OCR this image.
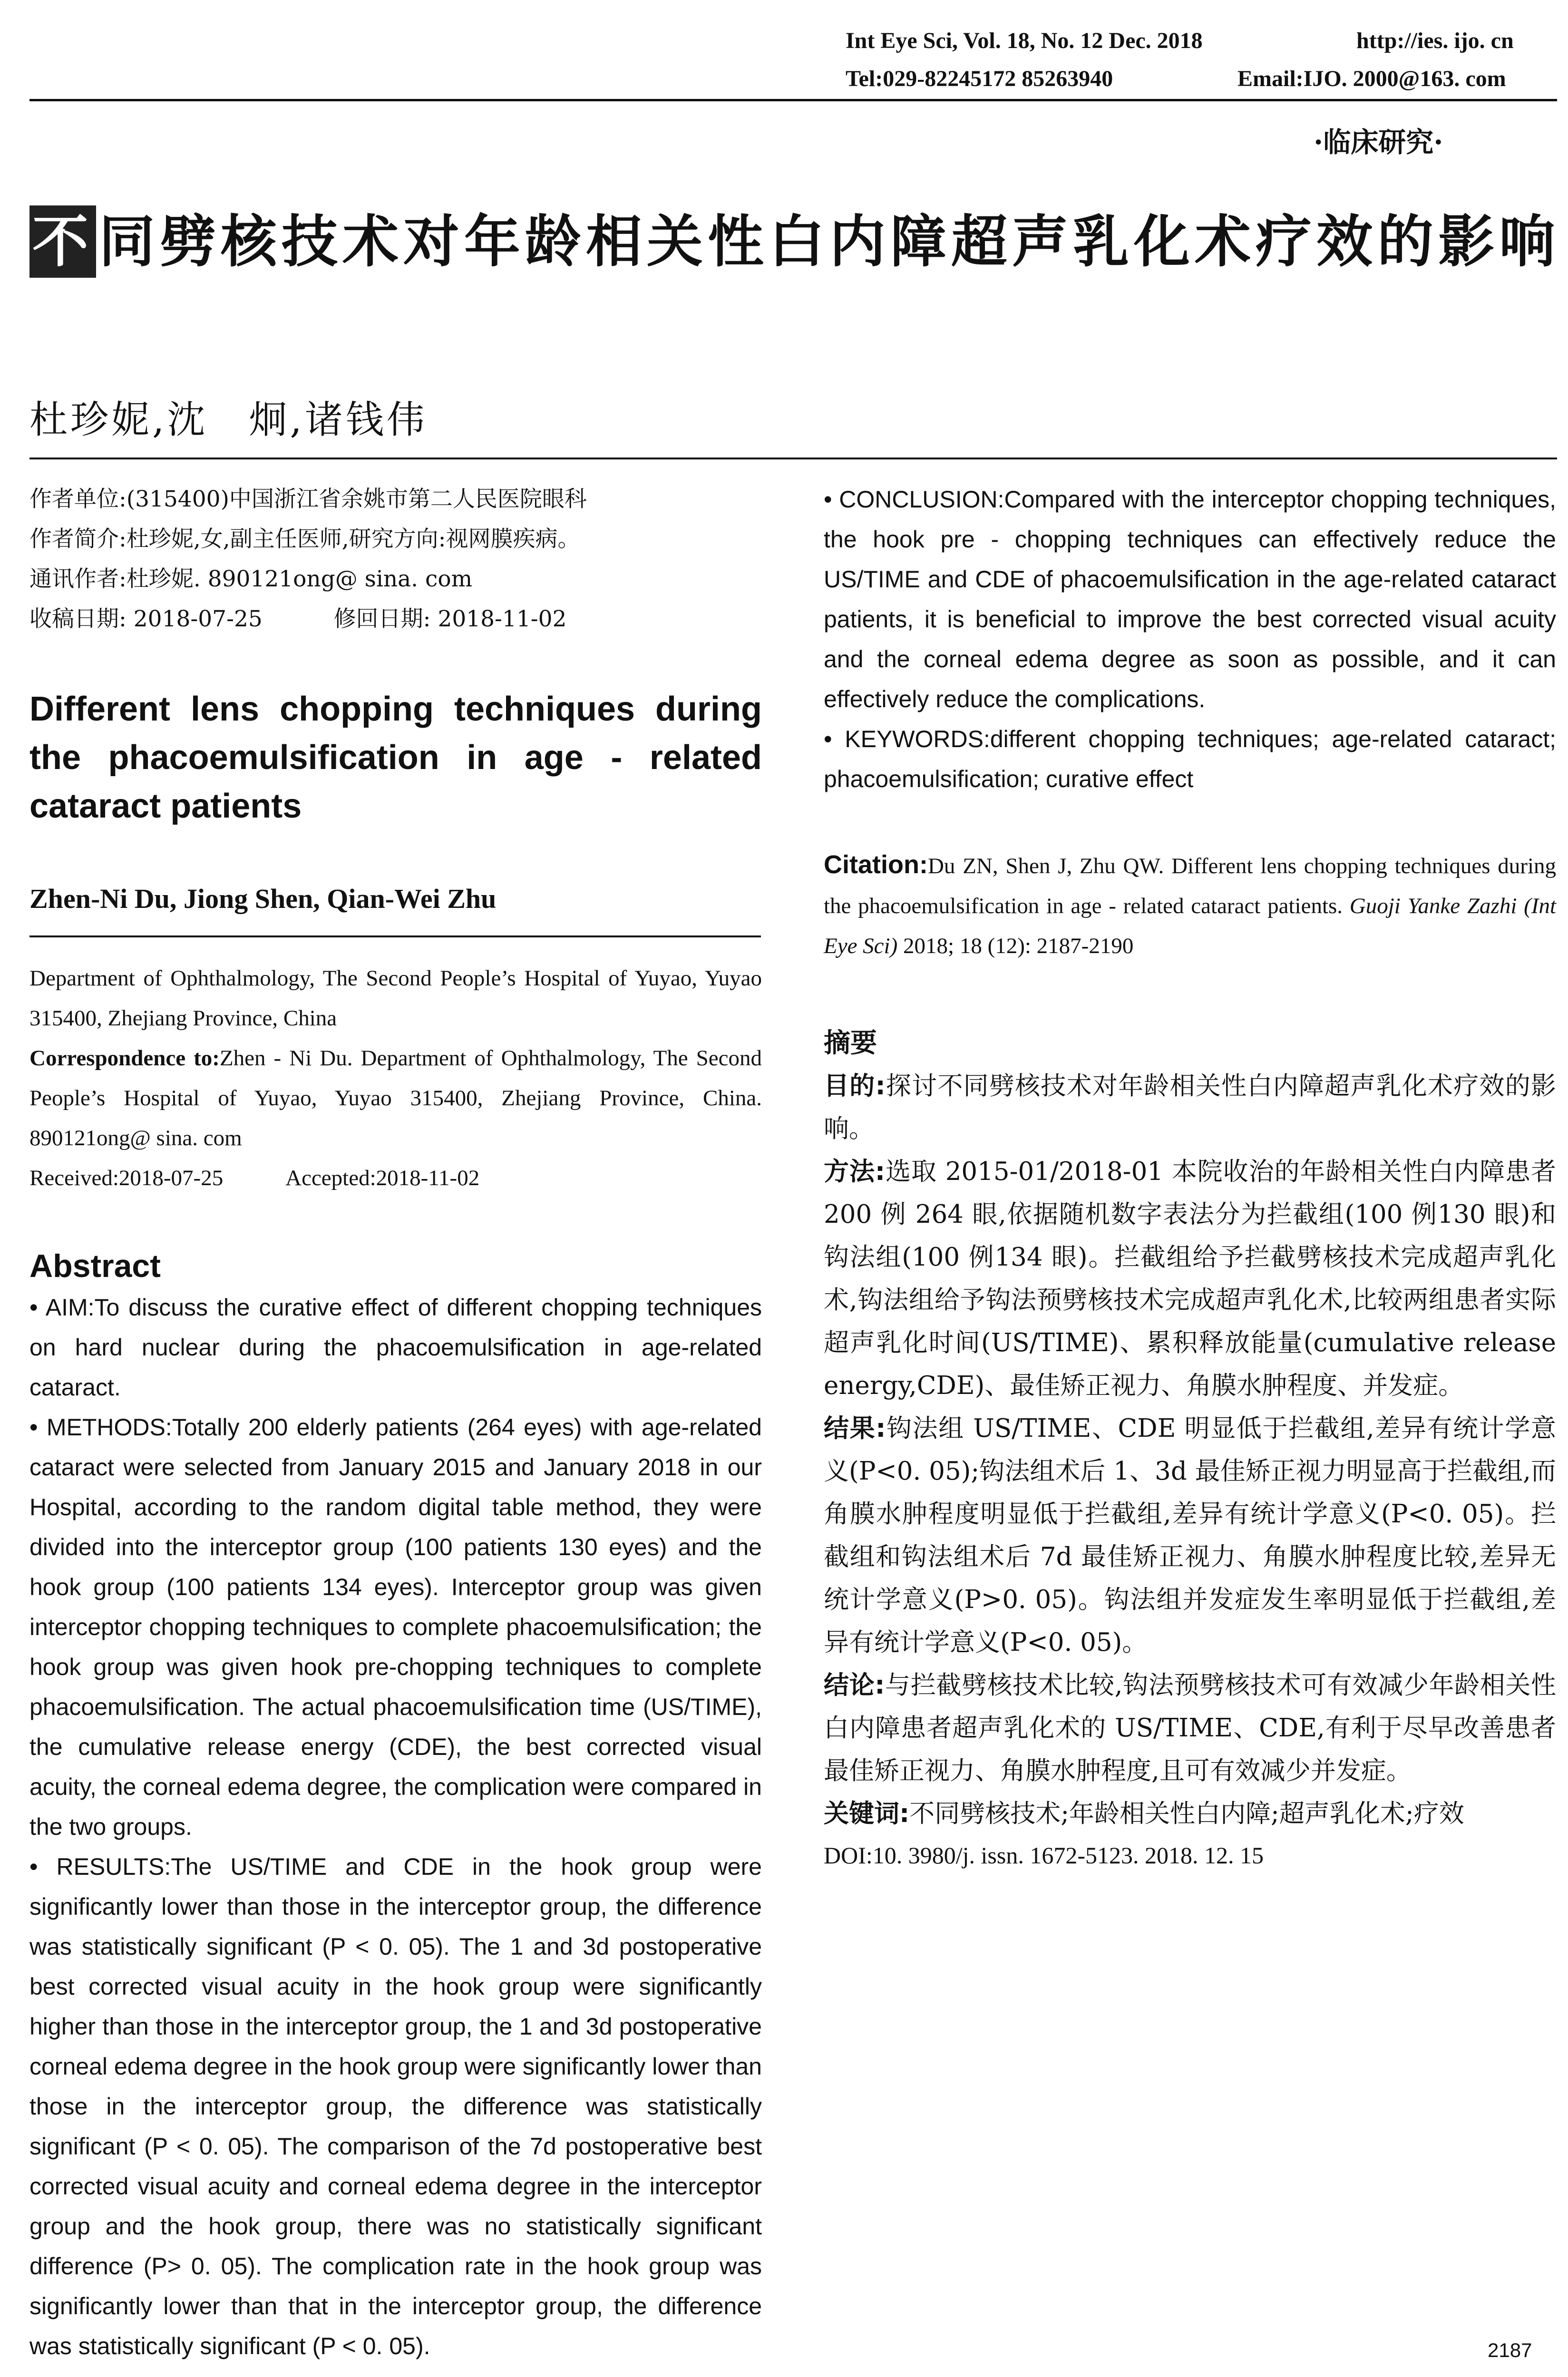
Int Eye Sci, Vol. 18, No. 12 Dec. 2018	http://ies. ijo. cn
Tel:029-82245172 85263940	Email:IJO. 2000@163. com
·临床研究·
不 同劈核技术对年龄相关性白内障超声乳化术疗效的影响
杜珍妮,沈　炯,诸钱伟
作者单位:(315400)中国浙江省余姚市第二人民医院眼科
作者简介:杜珍妮,女,副主任医师,研究方向:视网膜疾病。
通讯作者:杜珍妮. 890121ong@ sina. com
收稿日期: 2018-07-25	修回日期: 2018-11-02
Different lens chopping techniques during the phacoemulsification in age - related cataract patients
Zhen-Ni Du, Jiong Shen, Qian-Wei Zhu

Department of Ophthalmology, The Second People’s Hospital of Yuyao, Yuyao 315400, Zhejiang Province, China

Correspondence to:Zhen - Ni Du. Department of Ophthalmology, The Second People’s Hospital of Yuyao, Yuyao 315400, Zhejiang Province, China. 890121ong@ sina. com

Received:2018-07-25	Accepted:2018-11-02

Abstract

• AIM:To discuss the curative effect of different chopping techniques on hard nuclear during the phacoemulsification in age-related cataract.

• METHODS:Totally 200 elderly patients (264 eyes) with age-related cataract were selected from January 2015 and January 2018 in our Hospital, according to the random digital table method, they were divided into the interceptor group (100 patients 130 eyes) and the hook group (100 patients 134 eyes). Interceptor group was given interceptor chopping techniques to complete phacoemulsification; the hook group was given hook pre-chopping techniques to complete phacoemulsification. The actual phacoemulsification time (US/TIME), the cumulative release energy (CDE), the best corrected visual acuity, the corneal edema degree, the complication were compared in the two groups.

• RESULTS:The US/TIME and CDE in the hook group were significantly lower than those in the interceptor group, the difference was statistically significant (P < 0. 05). The 1 and 3d postoperative best corrected visual acuity in the hook group were significantly higher than those in the interceptor group, the 1 and 3d postoperative corneal edema degree in the hook group were significantly lower than those in the interceptor group, the difference was statistically significant (P < 0. 05). The comparison of the 7d postoperative best corrected visual acuity and corneal edema degree in the interceptor group and the hook group, there was no statistically significant difference (P> 0. 05). The complication rate in the hook group was significantly lower than that in the interceptor group, the difference was statistically significant (P < 0. 05).

• CONCLUSION:Compared with the interceptor chopping techniques, the hook pre - chopping techniques can effectively reduce the US/TIME and CDE of phacoemulsification in the age-related cataract patients, it is beneficial to improve the best corrected visual acuity and the corneal edema degree as soon as possible, and it can effectively reduce the complications.

• KEYWORDS:different chopping techniques; age-related cataract; phacoemulsification; curative effect

Citation:Du ZN, Shen J, Zhu QW. Different lens chopping techniques during the phacoemulsification in age - related cataract patients. Guoji Yanke Zazhi (Int Eye Sci) 2018; 18 (12): 2187-2190

摘要

目的:探讨不同劈核技术对年龄相关性白内障超声乳化术疗效的影响。

方法:选取 2015-01/2018-01 本院收治的年龄相关性白内障患者 200 例 264 眼,依据随机数字表法分为拦截组(100 例130 眼)和钩法组(100 例134 眼)。拦截组给予拦截劈核技术完成超声乳化术,钩法组给予钩法预劈核技术完成超声乳化术,比较两组患者实际超声乳化时间(US/TIME)、累积释放能量(cumulative release energy,CDE)、最佳矫正视力、角膜水肿程度、并发症。

结果:钩法组 US/TIME、CDE 明显低于拦截组,差异有统计学意义(P<0. 05);钩法组术后 1、3d 最佳矫正视力明显高于拦截组,而角膜水肿程度明显低于拦截组,差异有统计学意义(P<0. 05)。拦截组和钩法组术后 7d 最佳矫正视力、角膜水肿程度比较,差异无统计学意义(P>0. 05)。钩法组并发症发生率明显低于拦截组,差异有统计学意义(P<0. 05)。

结论:与拦截劈核技术比较,钩法预劈核技术可有效减少年龄相关性白内障患者超声乳化术的 US/TIME、CDE,有利于尽早改善患者最佳矫正视力、角膜水肿程度,且可有效减少并发症。

关键词:不同劈核技术;年龄相关性白内障;超声乳化术;疗效

DOI:10. 3980/j. issn. 1672-5123. 2018. 12. 15

2187
